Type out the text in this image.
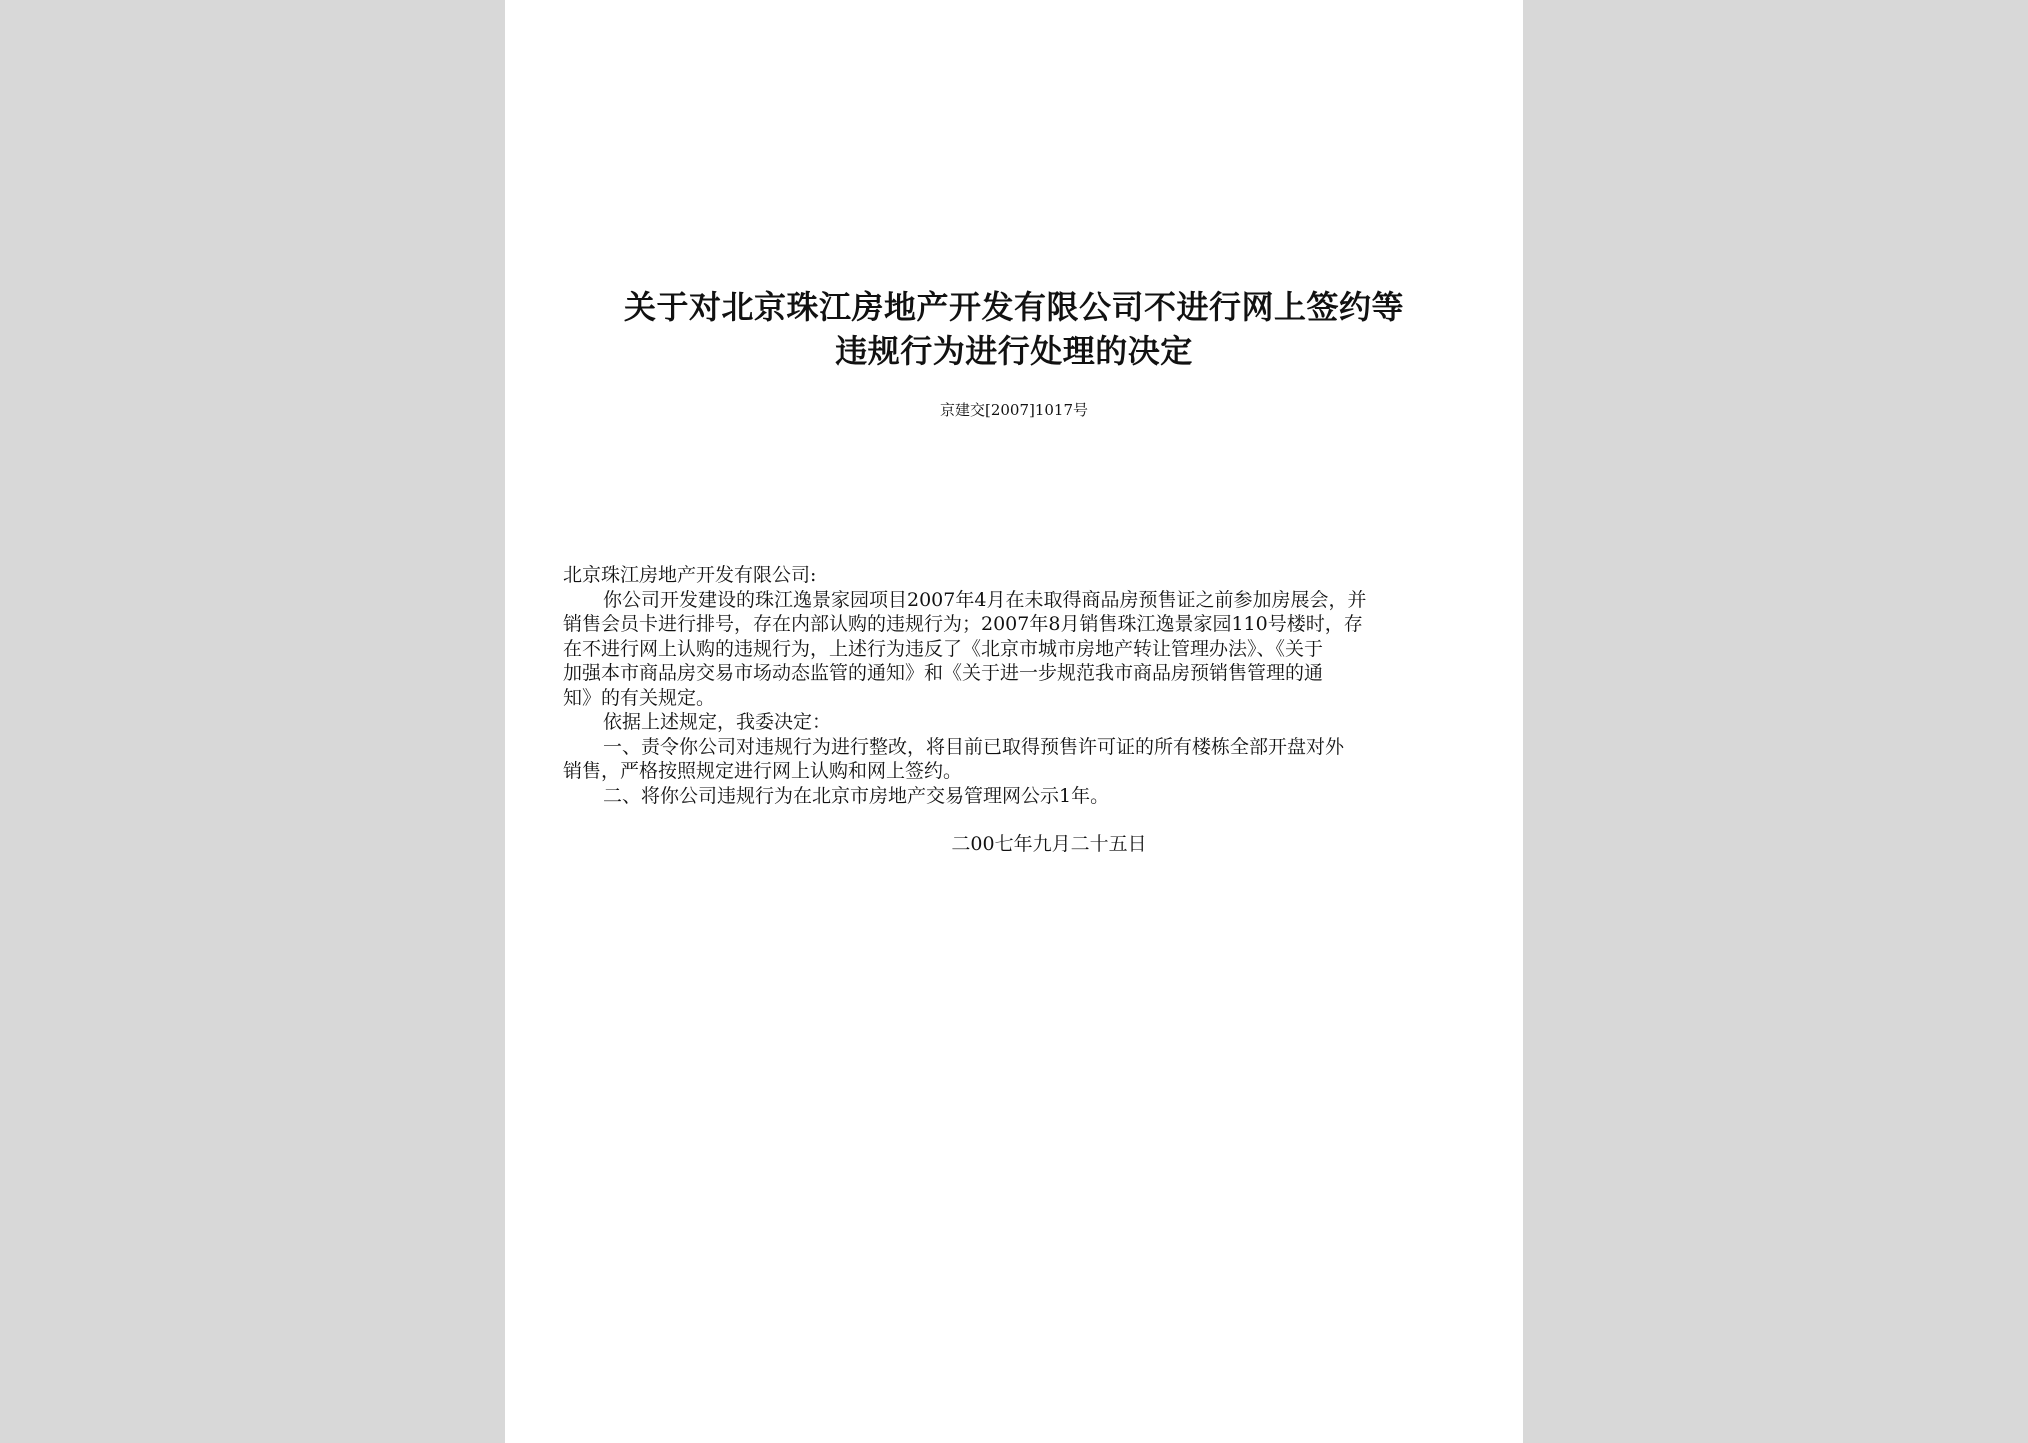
关于对北京珠江房地产开发有限公司不进行网上签约等
违规行为进行处理的决定
京建交[2007]1017号
北京珠江房地产开发有限公司:
你公司开发建设的珠江逸景家园项目2007年4月在未取得商品房预售证之前参加房展会，并
销售会员卡进行排号，存在内部认购的违规行为；2007年8月销售珠江逸景家园110号楼时，存
在不进行网上认购的违规行为，上述行为违反了《北京市城市房地产转让管理办法》、《关于
加强本市商品房交易市场动态监管的通知》和《关于进一步规范我市商品房预销售管理的通
知》的有关规定。
依据上述规定，我委决定：
一、责令你公司对违规行为进行整改，将目前已取得预售许可证的所有楼栋全部开盘对外
销售，严格按照规定进行网上认购和网上签约。
二、将你公司违规行为在北京市房地产交易管理网公示1年。
二00七年九月二十五日
